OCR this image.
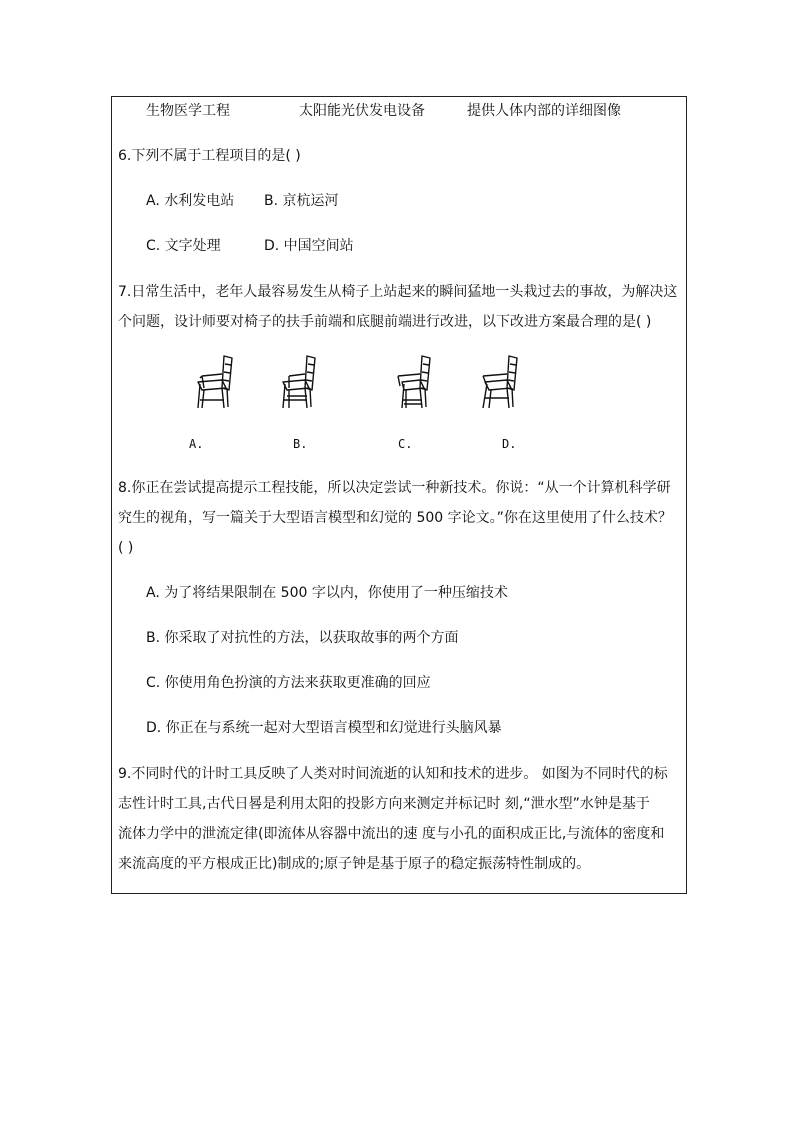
生物医学工程	太阳能光伏发电设备	提供人体内部的详细图像
6.下列不属于工程项目的是( )
A. 水利发电站 B. 京杭运河
C. 文字处理	D. 中国空间站
7.日常生活中，老年人最容易发生从椅子上站起来的瞬间猛地一头栽过去的事故，为解决这
个问题，设计师要对椅子的扶手前端和底腿前端进行改进，以下改进方案最合理的是( )
A.	B.	C.	D.
8.你正在尝试提高提示工程技能，所以决定尝试一种新技术。你说：“从一个计算机科学研
究生的视角，写一篇关于大型语言模型和幻觉的 500 字论文。”你在这里使用了什么技术？
( )
A. 为了将结果限制在 500 字以内，你使用了一种压缩技术
B. 你采取了对抗性的方法，以获取故事的两个方面
C. 你使用角色扮演的方法来获取更准确的回应
D. 你正在与系统一起对大型语言模型和幻觉进行头脑风暴
9.不同时代的计时工具反映了人类对时间流逝的认知和技术的进步。 如图为不同时代的标
志性计时工具,古代日晷是利用太阳的投影方向来测定并标记时 刻,“泄水型”水钟是基于
流体力学中的泄流定律(即流体从容器中流出的速 度与小孔的面积成正比,与流体的密度和
来流高度的平方根成正比)制成的;原子钟是基于原子的稳定振荡特性制成的。
